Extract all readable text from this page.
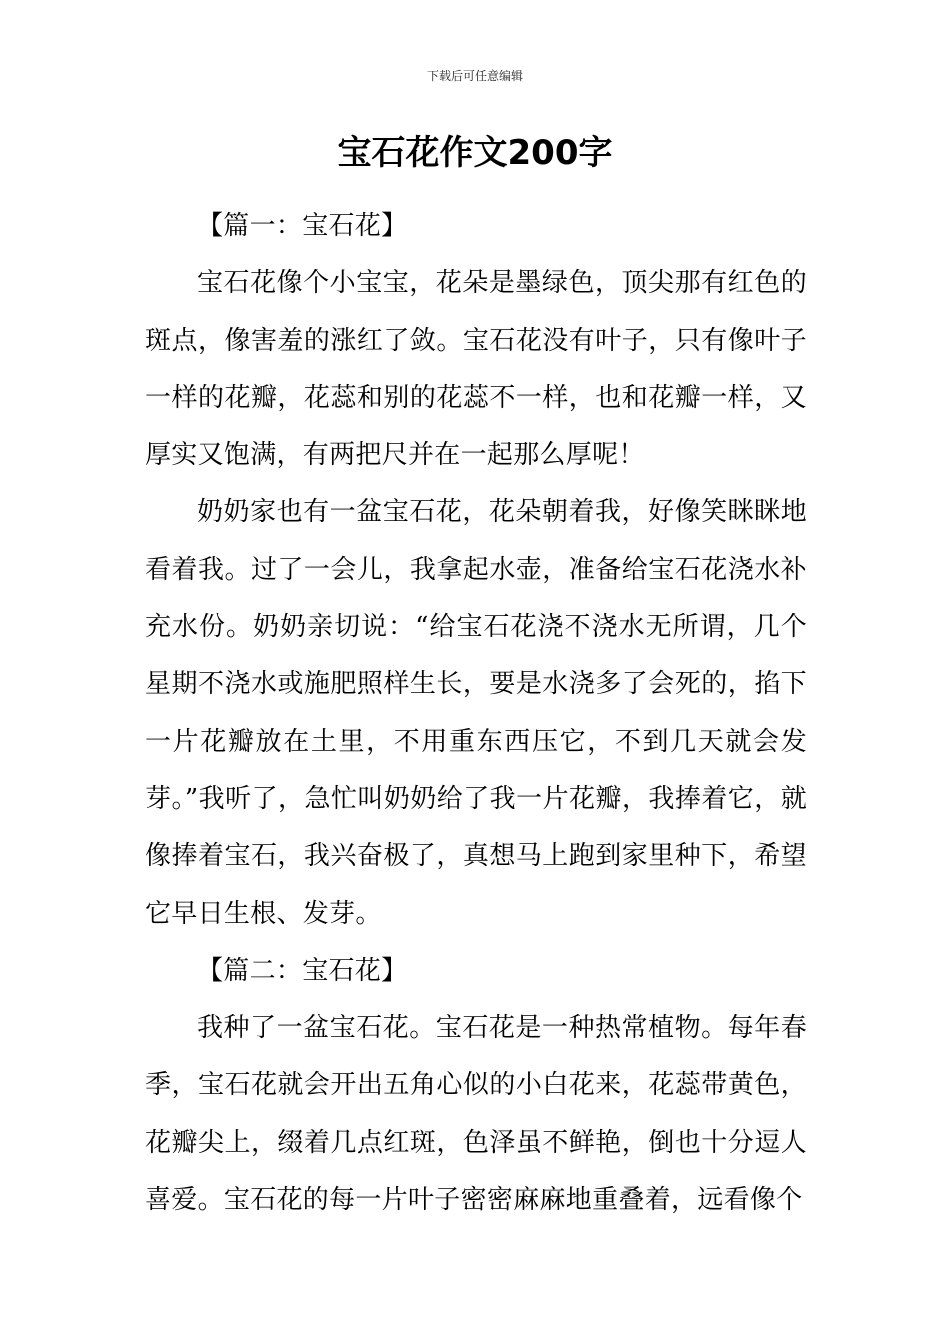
下载后可任意编辑
宝石花作文200字

【篇一：宝石花】

宝石花像个小宝宝，花朵是墨绿色，顶尖那有红色的斑点，像害羞的涨红了敛。宝石花没有叶子，只有像叶子一样的花瓣，花蕊和别的花蕊不一样，也和花瓣一样，又厚实又饱满，有两把尺并在一起那么厚呢！

奶奶家也有一盆宝石花，花朵朝着我，好像笑眯眯地看着我。过了一会儿，我拿起水壶，准备给宝石花浇水补充水份。奶奶亲切说：“给宝石花浇不浇水无所谓，几个星期不浇水或施肥照样生长，要是水浇多了会死的，掐下一片花瓣放在土里，不用重东西压它，不到几天就会发芽。”我听了，急忙叫奶奶给了我一片花瓣，我捧着它，就像捧着宝石，我兴奋极了，真想马上跑到家里种下，希望它早日生根、发芽。

【篇二：宝石花】

我种了一盆宝石花。宝石花是一种热常植物。每年春季，宝石花就会开出五角心似的小白花来，花蕊带黄色，花瓣尖上，缀着几点红斑，色泽虽不鲜艳，倒也十分逗人喜爱。宝石花的每一片叶子密密麻麻地重叠着，远看像个
